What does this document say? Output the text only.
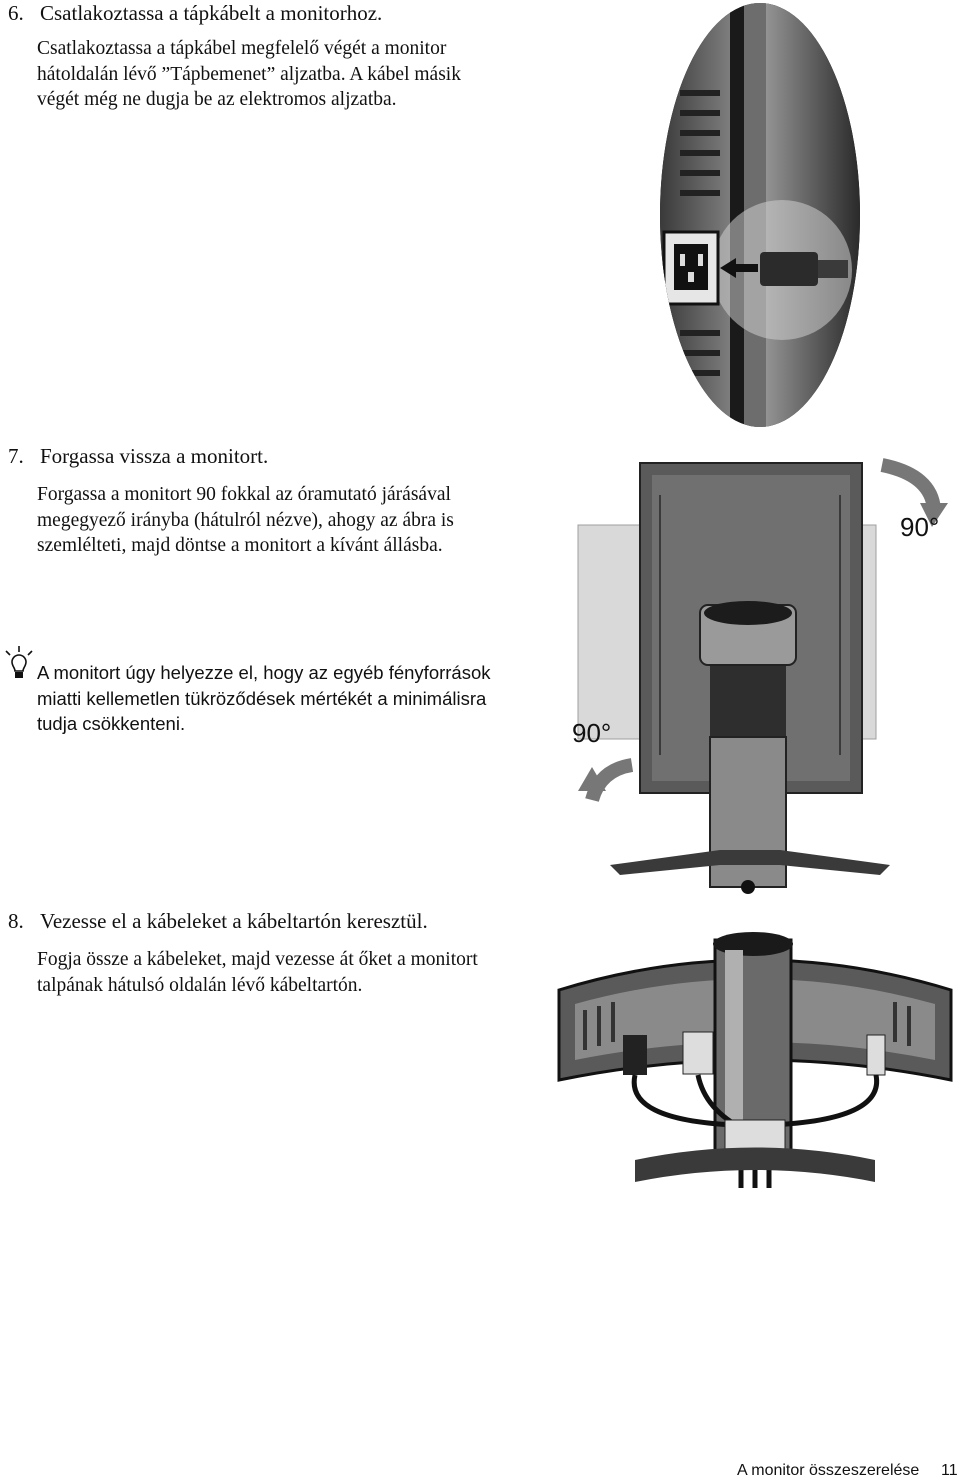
6. Csatlakoztassa a tápkábelt a monitorhoz.
Csatlakoztassa a tápkábel megfelelő végét a monitor
hátoldalán lévő ”Tápbemenet” aljzatba. A kábel másik
végét még ne dugja be az elektromos aljzatba.
7. Forgassa vissza a monitort.
Forgassa a monitort 90 fokkal az óramutató járásával
megegyező irányba (hátulról nézve), ahogy az ábra is
szemlélteti, majd döntse a monitort a kívánt állásba.
A monitort úgy helyezze el, hogy az egyéb fényforrások
miatti kellemetlen tükröződések mértékét a minimálisra
tudja csökkenteni.
90°
90°
8. Vezesse el a kábeleket a kábeltartón keresztül.
Fogja össze a kábeleket, majd vezesse át őket a monitort
talpának hátulsó oldalán lévő kábeltartón.
A monitor összeszerelése 11
